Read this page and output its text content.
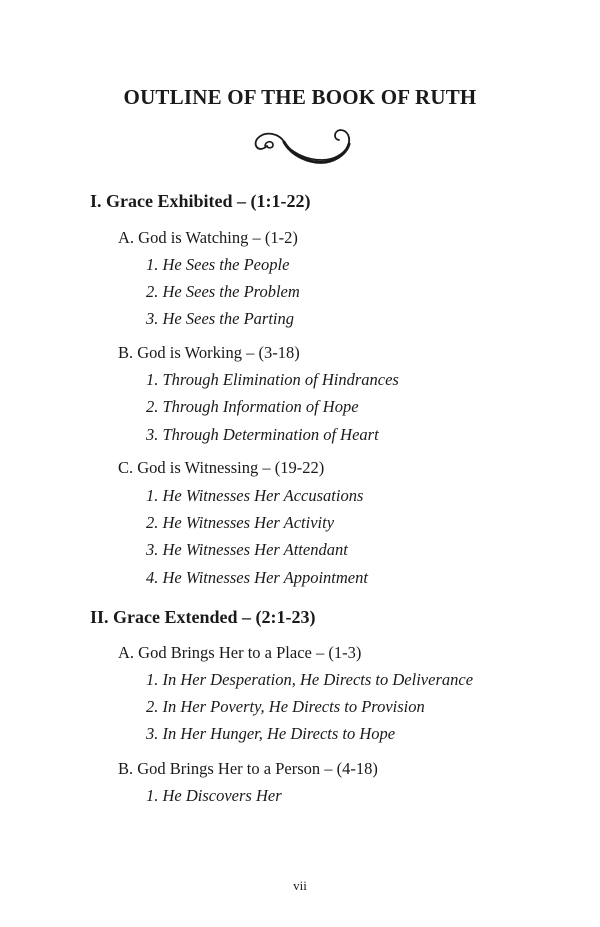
OUTLINE OF THE BOOK OF RUTH
I. Grace Exhibited – (1:1-22)
A. God is Watching – (1-2)
1. He Sees the People
2. He Sees the Problem
3. He Sees the Parting
B. God is Working – (3-18)
1. Through Elimination of Hindrances
2. Through Information of Hope
3. Through Determination of Heart
C. God is Witnessing – (19-22)
1. He Witnesses Her Accusations
2. He Witnesses Her Activity
3. He Witnesses Her Attendant
4. He Witnesses Her Appointment
II. Grace Extended – (2:1-23)
A. God Brings Her to a Place – (1-3)
1. In Her Desperation, He Directs to Deliverance
2. In Her Poverty, He Directs to Provision
3. In Her Hunger, He Directs to Hope
B. God Brings Her to a Person – (4-18)
1. He Discovers Her
vii
